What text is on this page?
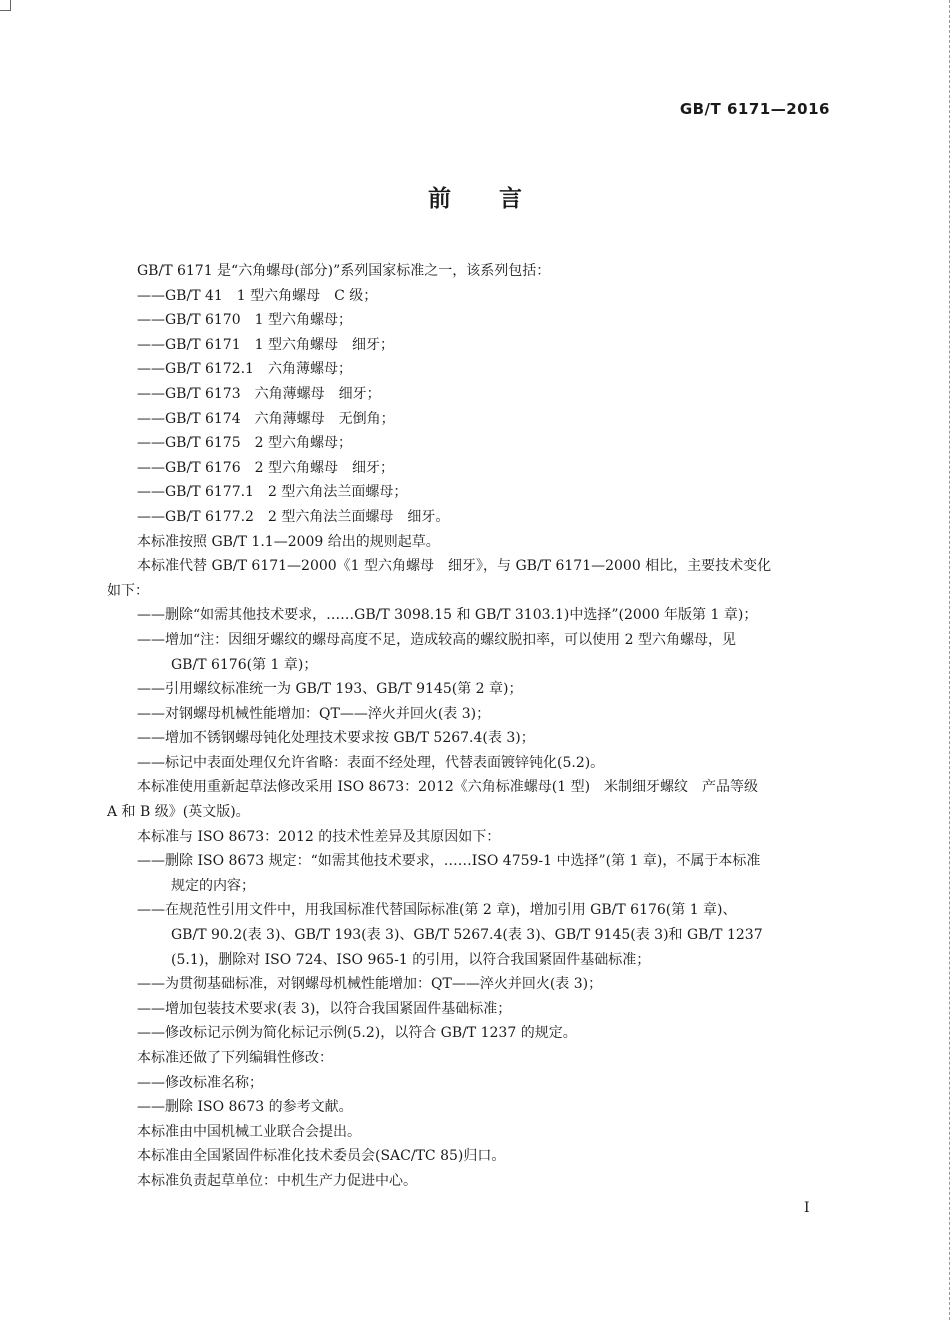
GB/T 6171—2016
前言
GB/T 6171 是“六角螺母(部分)”系列国家标准之一，该系列包括：
——GB/T 41　1 型六角螺母　C 级；
——GB/T 6170　1 型六角螺母；
——GB/T 6171　1 型六角螺母　细牙；
——GB/T 6172.1　六角薄螺母；
——GB/T 6173　六角薄螺母　细牙；
——GB/T 6174　六角薄螺母　无倒角；
——GB/T 6175　2 型六角螺母；
——GB/T 6176　2 型六角螺母　细牙；
——GB/T 6177.1　2 型六角法兰面螺母；
——GB/T 6177.2　2 型六角法兰面螺母　细牙。
本标准按照 GB/T 1.1—2009 给出的规则起草。
本标准代替 GB/T 6171—2000《1 型六角螺母　细牙》，与 GB/T 6171—2000 相比，主要技术变化
如下：
——删除“如需其他技术要求，……GB/T 3098.15 和 GB/T 3103.1)中选择”(2000 年版第 1 章)；
——增加“注：因细牙螺纹的螺母高度不足，造成较高的螺纹脱扣率，可以使用 2 型六角螺母，见
GB/T 6176(第 1 章)；
——引用螺纹标准统一为 GB/T 193、GB/T 9145(第 2 章)；
——对钢螺母机械性能增加：QT——淬火并回火(表 3)；
——增加不锈钢螺母钝化处理技术要求按 GB/T 5267.4(表 3)；
——标记中表面处理仅允许省略：表面不经处理，代替表面镀锌钝化(5.2)。
本标准使用重新起草法修改采用 ISO 8673：2012《六角标准螺母(1 型)　米制细牙螺纹　产品等级
A 和 B 级》(英文版)。
本标准与 ISO 8673：2012 的技术性差异及其原因如下：
——删除 ISO 8673 规定：“如需其他技术要求，……ISO 4759-1 中选择”(第 1 章)，不属于本标准
规定的内容；
——在规范性引用文件中，用我国标准代替国际标准(第 2 章)，增加引用 GB/T 6176(第 1 章)、
GB/T 90.2(表 3)、GB/T 193(表 3)、GB/T 5267.4(表 3)、GB/T 9145(表 3)和 GB/T 1237
(5.1)，删除对 ISO 724、ISO 965-1 的引用，以符合我国紧固件基础标准；
——为贯彻基础标准，对钢螺母机械性能增加：QT——淬火并回火(表 3)；
——增加包装技术要求(表 3)，以符合我国紧固件基础标准；
——修改标记示例为简化标记示例(5.2)，以符合 GB/T 1237 的规定。
本标准还做了下列编辑性修改：
——修改标准名称；
——删除 ISO 8673 的参考文献。
本标准由中国机械工业联合会提出。
本标准由全国紧固件标准化技术委员会(SAC/TC 85)归口。
本标准负责起草单位：中机生产力促进中心。
I
